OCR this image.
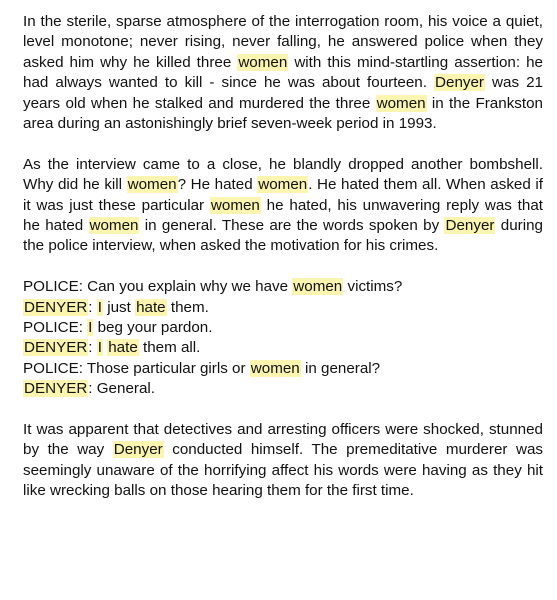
In the sterile, sparse atmosphere of the interrogation room, his voice a quiet, level monotone; never rising, never falling, he answered police when they asked him why he killed three women with this mind-startling assertion: he had always wanted to kill - since he was about fourteen. Denyer was 21 years old when he stalked and murdered the three women in the Frankston area during an astonishingly brief seven-week period in 1993.

As the interview came to a close, he blandly dropped another bombshell. Why did he kill women? He hated women. He hated them all. When asked if it was just these particular women he hated, his unwavering reply was that he hated women in general. These are the words spoken by Denyer during the police interview, when asked the motivation for his crimes.

POLICE: Can you explain why we have women victims?
DENYER: I just hate them.
POLICE: I beg your pardon.
DENYER: I hate them all.
POLICE: Those particular girls or women in general?
DENYER: General.

It was apparent that detectives and arresting officers were shocked, stunned by the way Denyer conducted himself. The premeditative murderer was seemingly unaware of the horrifying affect his words were having as they hit like wrecking balls on those hearing them for the first time.
